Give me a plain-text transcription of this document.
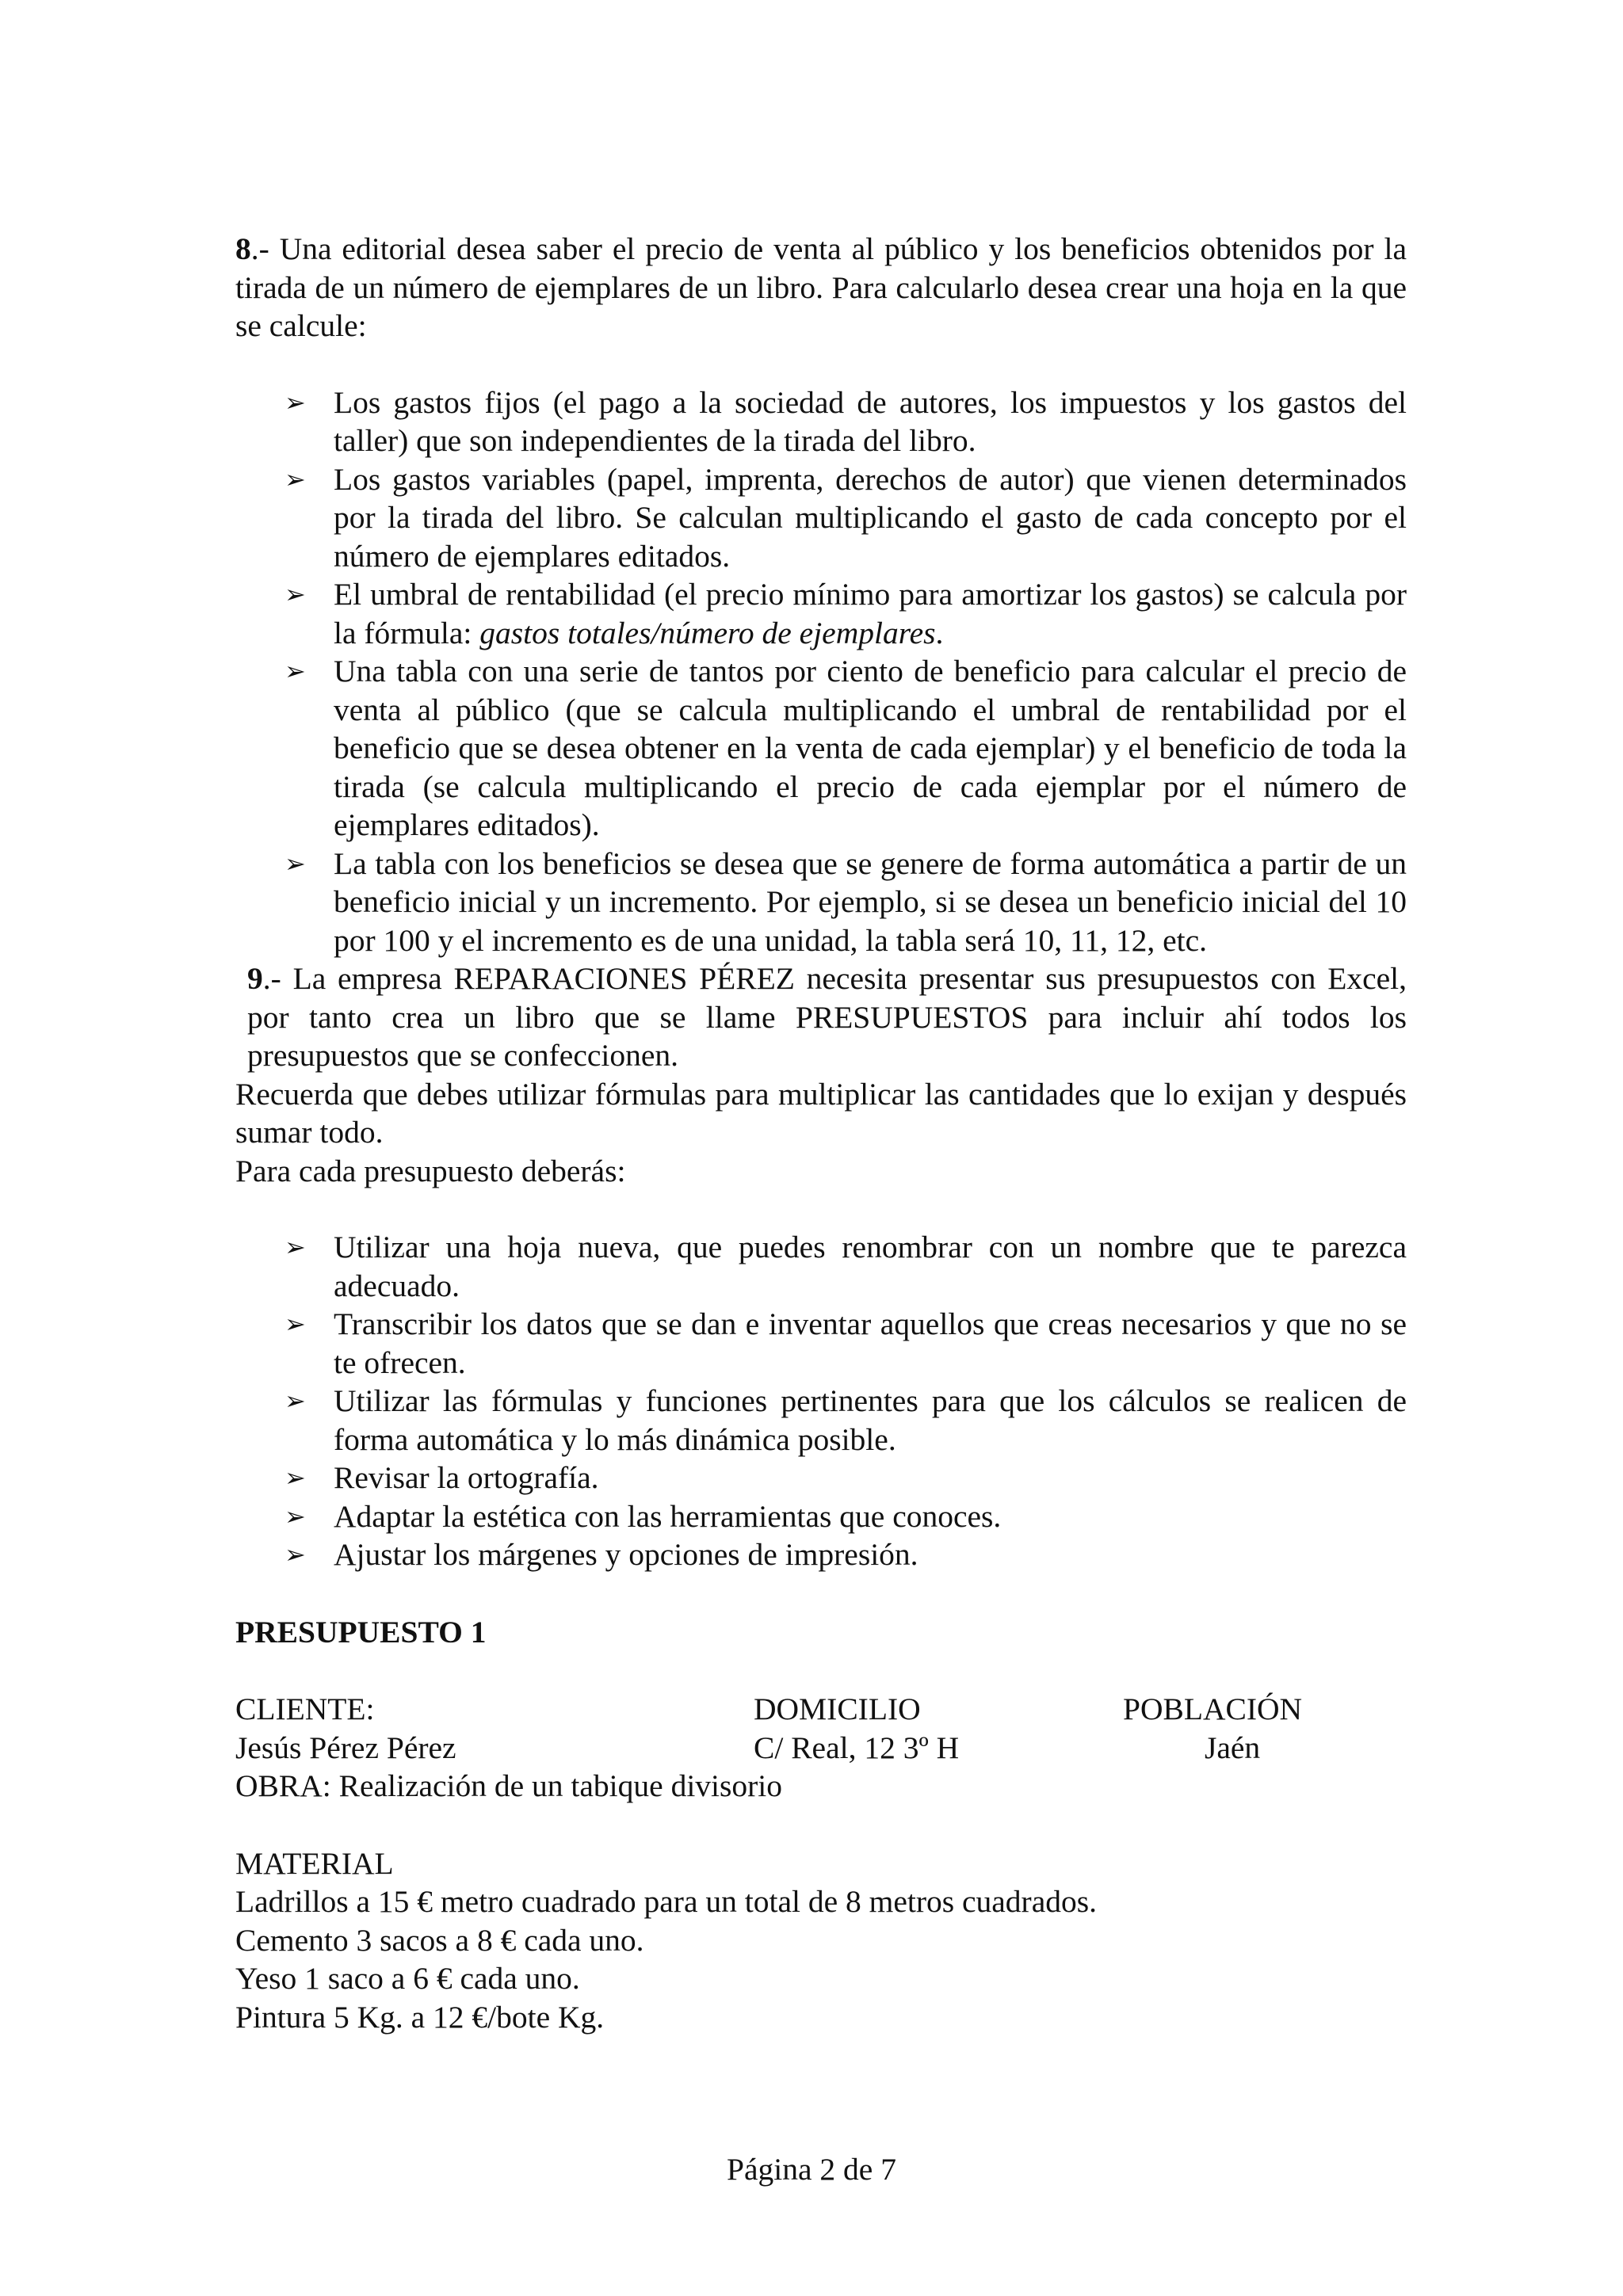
8.- Una editorial desea saber el precio de venta al público y los beneficios obtenidos por la tirada de un número de ejemplares de un libro. Para calcularlo desea crear una hoja en la que se calcule:

➢ Los gastos fijos (el pago a la sociedad de autores, los impuestos y los gastos del taller) que son independientes de la tirada del libro.
➢ Los gastos variables (papel, imprenta, derechos de autor) que vienen determinados por la tirada del libro. Se calculan multiplicando el gasto de cada concepto por el número de ejemplares editados.
➢ El umbral de rentabilidad (el precio mínimo para amortizar los gastos) se calcula por la fórmula: gastos totales/número de ejemplares.
➢ Una tabla con una serie de tantos por ciento de beneficio para calcular el precio de venta al público (que se calcula multiplicando el umbral de rentabilidad por el beneficio que se desea obtener en la venta de cada ejemplar) y el beneficio de toda la tirada (se calcula multiplicando el precio de cada ejemplar por el número de ejemplares editados).
➢ La tabla con los beneficios se desea que se genere de forma automática a partir de un beneficio inicial y un incremento. Por ejemplo, si se desea un beneficio inicial del 10 por 100 y el incremento es de una unidad, la tabla será 10, 11, 12, etc.

9.- La empresa REPARACIONES PÉREZ necesita presentar sus presupuestos con Excel, por tanto crea un libro que se llame PRESUPUESTOS para incluir ahí todos los presupuestos que se confeccionen.

Recuerda que debes utilizar fórmulas para multiplicar las cantidades que lo exijan y después sumar todo.

Para cada presupuesto deberás:

➢ Utilizar una hoja nueva, que puedes renombrar con un nombre que te parezca adecuado.
➢ Transcribir los datos que se dan e inventar aquellos que creas necesarios y que no se te ofrecen.
➢ Utilizar las fórmulas y funciones pertinentes para que los cálculos se realicen de forma automática y lo más dinámica posible.
➢ Revisar la ortografía.
➢ Adaptar la estética con las herramientas que conoces.
➢ Ajustar los márgenes y opciones de impresión.

PRESUPUESTO 1

CLIENTE:	DOMICILIO	POBLACIÓN
Jesús Pérez Pérez	C/ Real, 12 3º H	Jaén

OBRA: Realización de un tabique divisorio

MATERIAL

Ladrillos a 15 € metro cuadrado para un total de 8 metros cuadrados.

Cemento 3 sacos a 8 € cada uno.

Yeso 1 saco a 6 € cada uno.

Pintura 5 Kg. a 12 €/bote Kg.

Página 2 de 7
